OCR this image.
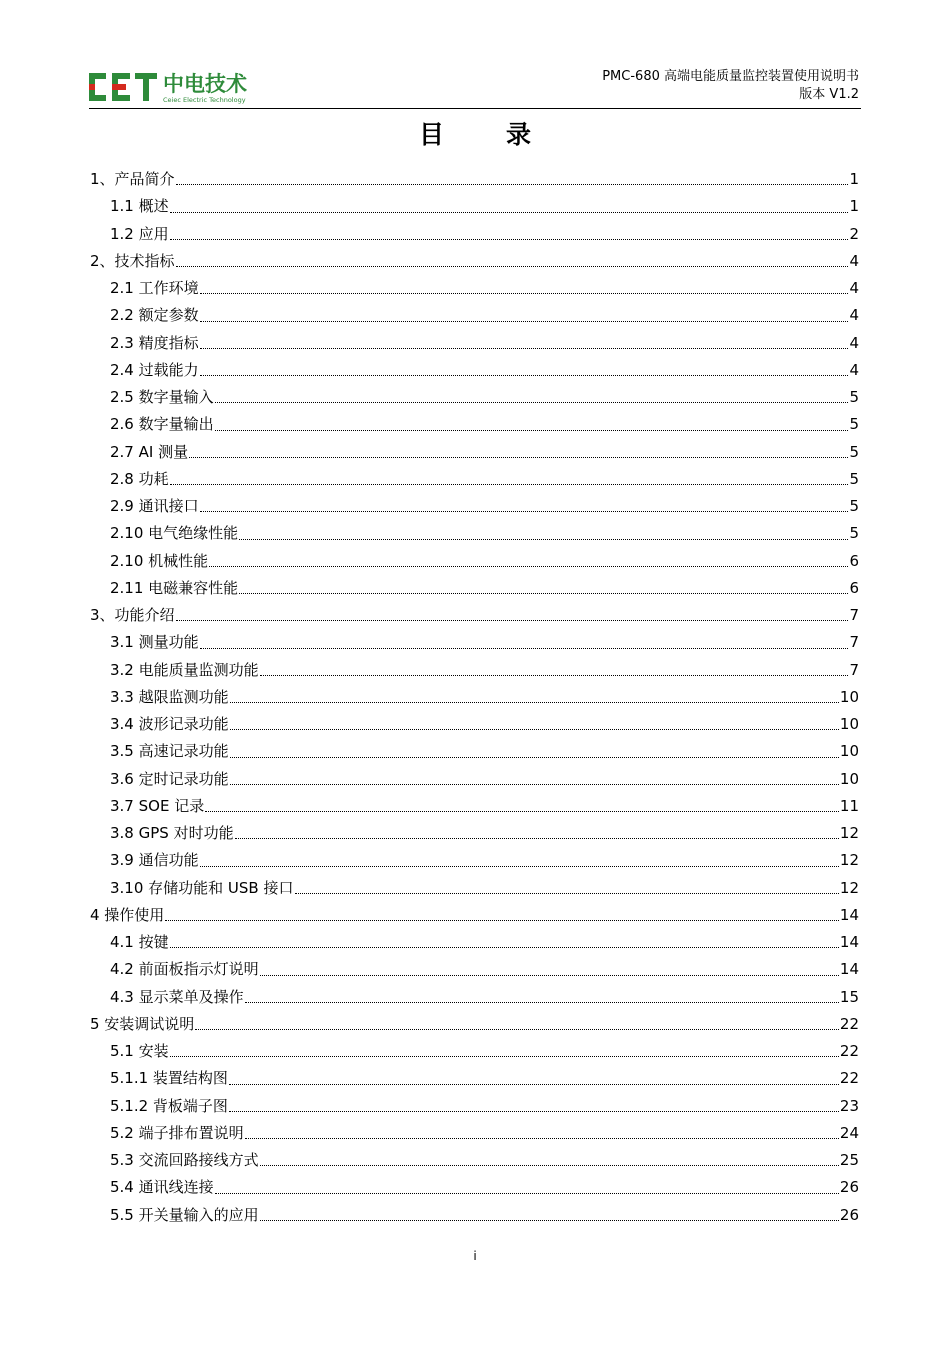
中电技术
Ceiec Electric Technology
PMC-680 高端电能质量监控装置使用说明书
版本 V1.2
目录
1、产品简介	1
1.1 概述	1
1.2 应用	2
2、技术指标	4
2.1 工作环境	4
2.2 额定参数	4
2.3 精度指标	4
2.4 过载能力	4
2.5 数字量输入	5
2.6 数字量输出	5
2.7 AI 测量	5
2.8 功耗	5
2.9 通讯接口	5
2.10 电气绝缘性能	5
2.10 机械性能	6
2.11 电磁兼容性能	6
3、功能介绍	7
3.1 测量功能	7
3.2 电能质量监测功能	7
3.3 越限监测功能	10
3.4 波形记录功能	10
3.5 高速记录功能	10
3.6 定时记录功能	10
3.7 SOE 记录	11
3.8 GPS 对时功能	12
3.9 通信功能	12
3.10 存储功能和 USB 接口	12
4 操作使用	14
4.1 按键	14
4.2 前面板指示灯说明	14
4.3 显示菜单及操作	15
5 安装调试说明	22
5.1 安装	22
5.1.1 装置结构图	22
5.1.2 背板端子图	23
5.2 端子排布置说明	24
5.3 交流回路接线方式	25
5.4 通讯线连接	26
5.5 开关量输入的应用	26
i
